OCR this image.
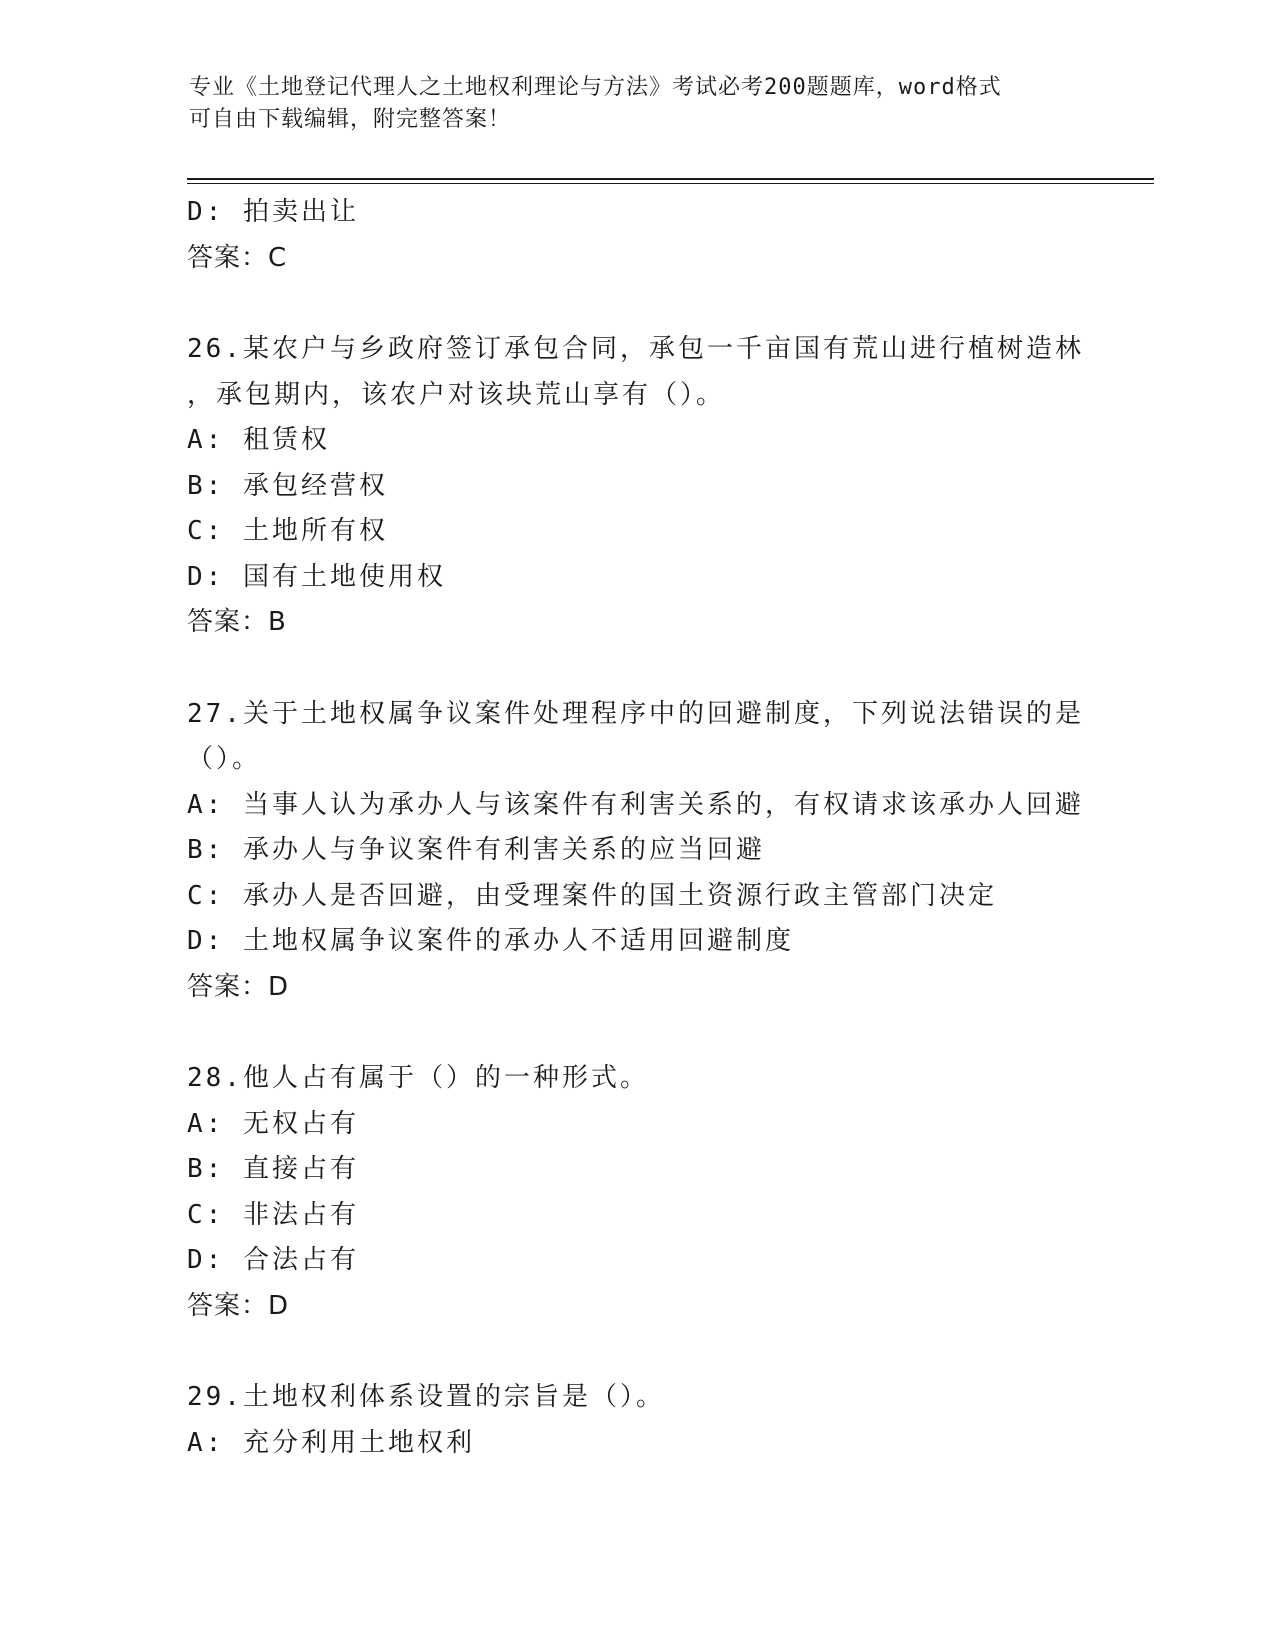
专业《土地登记代理人之土地权利理论与方法》考试必考200题题库，word格式
可自由下载编辑，附完整答案！
D: 拍卖出让
答案：C
26.某农户与乡政府签订承包合同，承包一千亩国有荒山进行植树造林
，承包期内，该农户对该块荒山享有（）。
A: 租赁权
B: 承包经营权
C: 土地所有权
D: 国有土地使用权
答案：B
27.关于土地权属争议案件处理程序中的回避制度，下列说法错误的是
（）。
A: 当事人认为承办人与该案件有利害关系的，有权请求该承办人回避
B: 承办人与争议案件有利害关系的应当回避
C: 承办人是否回避，由受理案件的国土资源行政主管部门决定
D: 土地权属争议案件的承办人不适用回避制度
答案：D
28.他人占有属于（）的一种形式。
A: 无权占有
B: 直接占有
C: 非法占有
D: 合法占有
答案：D
29.土地权利体系设置的宗旨是（）。
A: 充分利用土地权利
